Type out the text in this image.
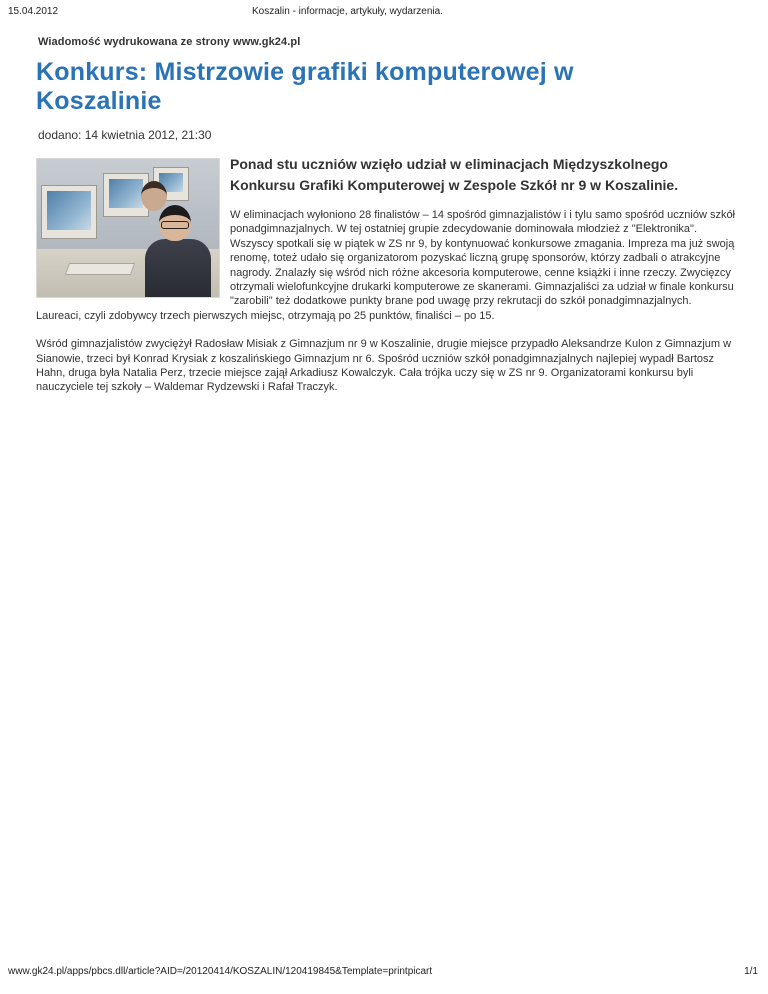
15.04.2012	Koszalin - informacje, artykuły, wydarzenia.
Wiadomość wydrukowana ze strony www.gk24.pl
Konkurs: Mistrzowie grafiki komputerowej w Koszalinie
dodano: 14 kwietnia 2012, 21:30

Ponad stu uczniów wzięło udział w eliminacjach Międzyszkolnego Konkursu Grafiki Komputerowej w Zespole Szkół nr 9 w Koszalinie.

W eliminacjach wyłoniono 28 finalistów – 14 spośród gimnazjalistów i i tylu samo spośród uczniów szkół ponadgimnazjalnych. W tej ostatniej grupie zdecydowanie dominowała młodzież z "Elektronika". Wszyscy spotkali się w piątek w ZS nr 9, by kontynuować konkursowe zmagania. Impreza ma już swoją renomę, toteż udało się organizatorom pozyskać liczną grupę sponsorów, którzy zadbali o atrakcyjne nagrody. Znalazły się wśród nich różne akcesoria komputerowe, cenne książki i inne rzeczy. Zwycięzcy otrzymali wielofunkcyjne drukarki komputerowe ze skanerami. Gimnazjaliści za udział w finale konkursu "zarobili" też dodatkowe punkty brane pod uwagę przy rekrutacji do szkół ponadgimnazjalnych. Laureaci, czyli zdobywcy trzech pierwszych miejsc, otrzymają po 25 punktów, finaliści – po 15.

Wśród gimnazjalistów zwyciężył Radosław Misiak z Gimnazjum nr 9 w Koszalinie, drugie miejsce przypadło Aleksandrze Kulon z Gimnazjum w Sianowie, trzeci był Konrad Krysiak z koszalińskiego Gimnazjum nr 6. Spośród uczniów szkół ponadgimnazjalnych najlepiej wypadł Bartosz Hahn, druga była Natalia Perz, trzecie miejsce zajął Arkadiusz Kowalczyk. Cała trójka uczy się w ZS nr 9. Organizatorami konkursu byli nauczyciele tej szkoły – Waldemar Rydzewski i Rafał Traczyk.

www.gk24.pl/apps/pbcs.dll/article?AID=/20120414/KOSZALIN/120419845&Template=printpicart	1/1
